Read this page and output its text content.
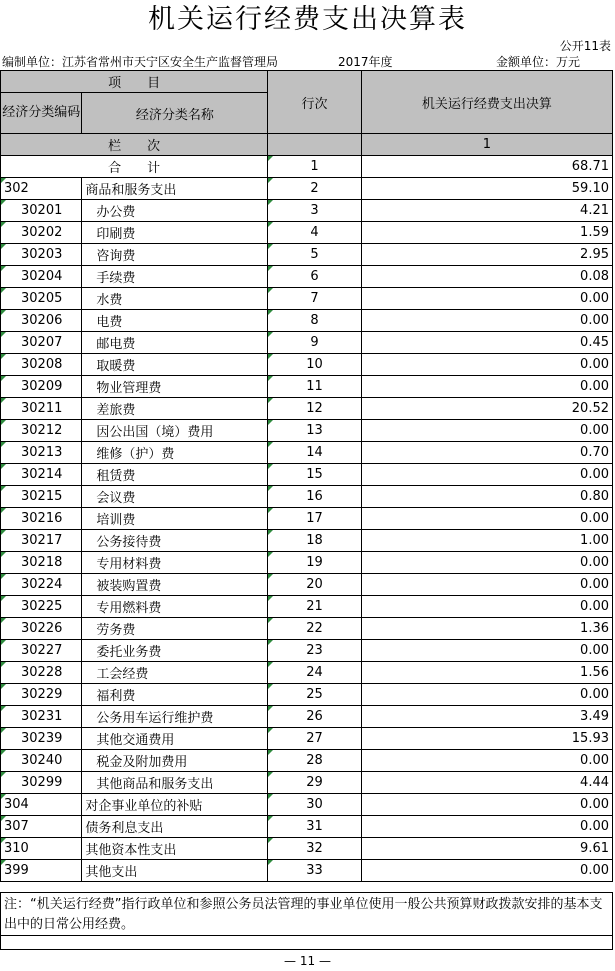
机关运行经费支出决算表
公开11表
编制单位：江苏省常州市天宁区安全生产监督管理局	2017年度	金额单位：万元
项　　目		行次	机关运行经费支出决算
经济分类编码	经济分类名称		
栏　　次			1
合　　计		1	68.71
302	商品和服务支出	2	59.10
30201	办公费	3	4.21
30202	印刷费	4	1.59
30203	咨询费	5	2.95
30204	手续费	6	0.08
30205	水费	7	0.00
30206	电费	8	0.00
30207	邮电费	9	0.45
30208	取暖费	10	0.00
30209	物业管理费	11	0.00
30211	差旅费	12	20.52
30212	因公出国（境）费用	13	0.00
30213	维修（护）费	14	0.70
30214	租赁费	15	0.00
30215	会议费	16	0.80
30216	培训费	17	0.00
30217	公务接待费	18	1.00
30218	专用材料费	19	0.00
30224	被装购置费	20	0.00
30225	专用燃料费	21	0.00
30226	劳务费	22	1.36
30227	委托业务费	23	0.00
30228	工会经费	24	1.56
30229	福利费	25	0.00
30231	公务用车运行维护费	26	3.49
30239	其他交通费用	27	15.93
30240	税金及附加费用	28	0.00
30299	其他商品和服务支出	29	4.44
304	对企事业单位的补贴	30	0.00
307	债务利息支出	31	0.00
310	其他资本性支出	32	9.61
399	其他支出	33	0.00
注：“机关运行经费”指行政单位和参照公务员法管理的事业单位使用一般公共预算财政拨款安排的基本支出中的日常公用经费。
— 11 —
